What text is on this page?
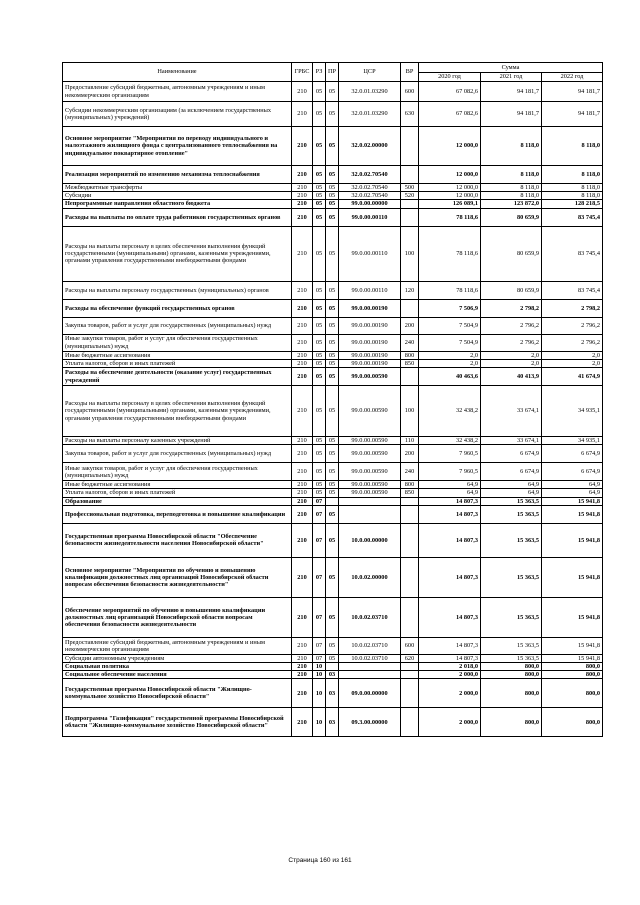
Наименование	ГРБС	РЗ	ПР	ЦСР	ВР	Сумма		
						2020 год	2021 год	2022 год
Предоставление субсидий бюджетным, автономным учреждениям и иным некоммерческим организациям	210	05	05	32.0.01.03290	600	67 082,6	94 181,7	94 181,7
Субсидии некоммерческим организациям (за исключением государственных (муниципальных) учреждений)	210	05	05	32.0.01.03290	630	67 082,6	94 181,7	94 181,7
Основное мероприятие "Мероприятия по переводу индивидуального и малоэтажного жилищного фонда с централизованного теплоснабжения на индивидуальное поквартирное отопление"	210	05	05	32.0.02.00000		12 000,0	8 118,0	8 118,0
Реализация мероприятий по изменению механизма теплоснабжения	210	05	05	32.0.02.70540		12 000,0	8 118,0	8 118,0
Межбюджетные трансферты	210	05	05	32.0.02.70540	500	12 000,0	8 118,0	8 118,0
Субсидии	210	05	05	32.0.02.70540	520	12 000,0	8 118,0	8 118,0
Непрограммные направления областного бюджета	210	05	05	99.0.00.00000		126 089,1	123 872,0	128 218,5
Расходы на выплаты по оплате труда работников государственных органов	210	05	05	99.0.00.00110		78 118,6	80 659,9	83 745,4
Расходы на выплаты персоналу в целях обеспечения выполнения функций государственными (муниципальными) органами, казенными учреждениями, органами управления государственными внебюджетными фондами	210	05	05	99.0.00.00110	100	78 118,6	80 659,9	83 745,4
Расходы на выплаты персоналу государственных (муниципальных) органов	210	05	05	99.0.00.00110	120	78 118,6	80 659,9	83 745,4
Расходы на обеспечение функций государственных органов	210	05	05	99.0.00.00190		7 506,9	2 798,2	2 798,2
Закупка товаров, работ и услуг для государственных (муниципальных) нужд	210	05	05	99.0.00.00190	200	7 504,9	2 796,2	2 796,2
Иные закупки товаров, работ и услуг для обеспечения государственных (муниципальных) нужд	210	05	05	99.0.00.00190	240	7 504,9	2 796,2	2 796,2
Иные бюджетные ассигнования	210	05	05	99.0.00.00190	800	2,0	2,0	2,0
Уплата налогов, сборов и иных платежей	210	05	05	99.0.00.00190	850	2,0	2,0	2,0
Расходы на обеспечение деятельности (оказание услуг) государственных учреждений	210	05	05	99.0.00.00590		40 463,6	40 413,9	41 674,9
Расходы на выплаты персоналу в целях обеспечения выполнения функций государственными (муниципальными) органами, казенными учреждениями, органами управления государственными внебюджетными фондами	210	05	05	99.0.00.00590	100	32 438,2	33 674,1	34 935,1
Расходы на выплаты персоналу казенных учреждений	210	05	05	99.0.00.00590	110	32 438,2	33 674,1	34 935,1
Закупка товаров, работ и услуг для государственных (муниципальных) нужд	210	05	05	99.0.00.00590	200	7 960,5	6 674,9	6 674,9
Иные закупки товаров, работ и услуг для обеспечения государственных (муниципальных) нужд	210	05	05	99.0.00.00590	240	7 960,5	6 674,9	6 674,9
Иные бюджетные ассигнования	210	05	05	99.0.00.00590	800	64,9	64,9	64,9
Уплата налогов, сборов и иных платежей	210	05	05	99.0.00.00590	850	64,9	64,9	64,9
Образование	210	07				14 807,3	15 363,5	15 941,8
Профессиональная подготовка, переподготовка и повышение квалификации	210	07	05			14 807,3	15 363,5	15 941,8
Государственная программа Новосибирской области "Обеспечение безопасности жизнедеятельности населения Новосибирской области"	210	07	05	10.0.00.00000		14 807,3	15 363,5	15 941,8
Основное мероприятие "Мероприятия по обучению и повышению квалификации должностных лиц организаций Новосибирской области вопросам обеспечения безопасности жизнедеятельности"	210	07	05	10.0.02.00000		14 807,3	15 363,5	15 941,8
Обеспечение мероприятий по обучению и повышению квалификации должностных лиц организаций Новосибирской области вопросам обеспечения безопасности жизнедеятельности	210	07	05	10.0.02.03710		14 807,3	15 363,5	15 941,8
Предоставление субсидий бюджетным, автономным учреждениям и иным некоммерческим организациям	210	07	05	10.0.02.03710	600	14 807,3	15 363,5	15 941,8
Субсидии автономным учреждениям	210	07	05	10.0.02.03710	620	14 807,3	15 363,5	15 941,8
Социальная политика	210	10				2 018,0	800,0	800,0
Социальное обеспечение населения	210	10	03			2 000,0	800,0	800,0
Государственная программа Новосибирской области "Жилищно-коммунальное хозяйство Новосибирской области"	210	10	03	09.0.00.00000		2 000,0	800,0	800,0
Подпрограмма "Газификация" государственной программы Новосибирской области "Жилищно-коммунальное хозяйство Новосибирской области"	210	10	03	09.3.00.00000		2 000,0	800,0	800,0
Страница 160 из 161
